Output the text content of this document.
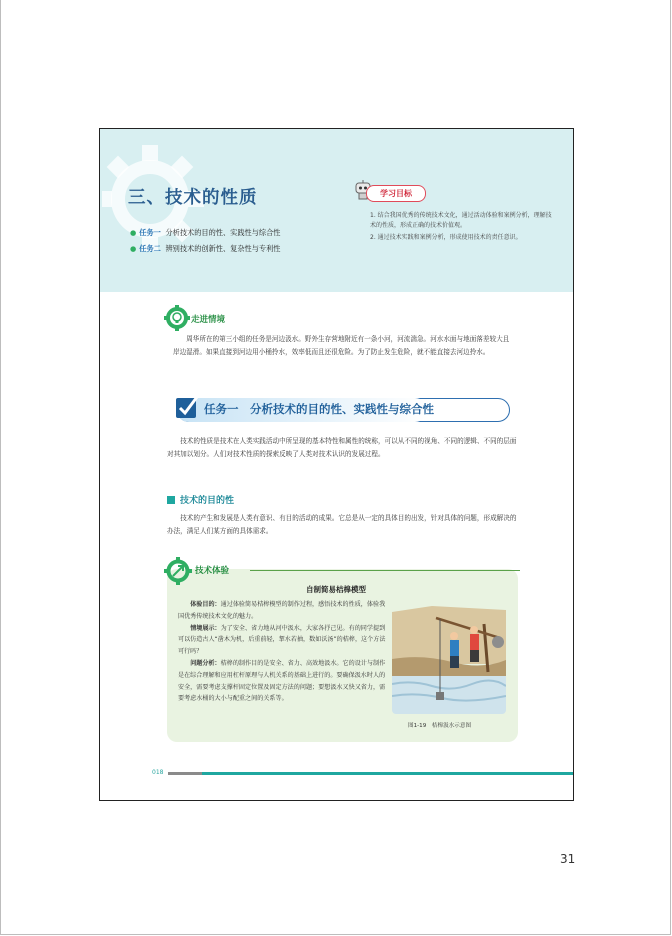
三、技术的性质
● 任务一 分析技术的目的性、实践性与综合性
● 任务二 辨别技术的创新性、复杂性与专利性
学习目标

1. 结合我国优秀的传统技术文化，通过活动体验和案例分析，理解技术的性质，形成正确的技术价值观。

2. 通过技术实践和案例分析，形成使用技术的责任意识。

走进情境
周华所在的第三小组的任务是河边汲水。野外生存营地附近有一条小河，河流湍急。河水水面与地面落差较大且岸边湿滑。如果直接到河边用小桶拎水，效率低而且还很危险。为了防止发生危险，就不能直接去河边拎水。
任务一　分析技术的目的性、实践性与综合性
技术的性质是技术在人类实践活动中所呈现的基本特性和属性的统称，可以从不同的视角、不同的逻辑、不同的层面对其加以划分。人们对技术性质的探索反映了人类对技术认识的发展过程。
技术的目的性
技术的产生和发展是人类有意识、有目的活动的成果。它总是从一定的具体目的出发，针对具体的问题，形成解决的办法，满足人们某方面的具体需求。
技术体验
自制简易桔槔模型

体验目的：通过体验简易桔槔模型的制作过程，感悟技术的性质，体验我国优秀传统技术文化的魅力。

情境展示：为了安全、省力地从河中汲水，大家各抒己见。有的同学提到可以仿造古人“凿木为机，后重前轻，挈水若抽，数如沃汤”的桔槔，这个方法可行吗？

问题分析：桔槔的制作目的是安全、省力、高效地汲水。它的设计与制作是在综合理解和应用杠杆原理与人机关系的基础上进行的。要确保汲水时人的安全，需要考虑支撑杆固定位置及固定方法的问题；要想汲水又快又省力，需要考虑水桶的大小与配重之间的关系等。

图1-19　桔槔汲水示意图
018
31
